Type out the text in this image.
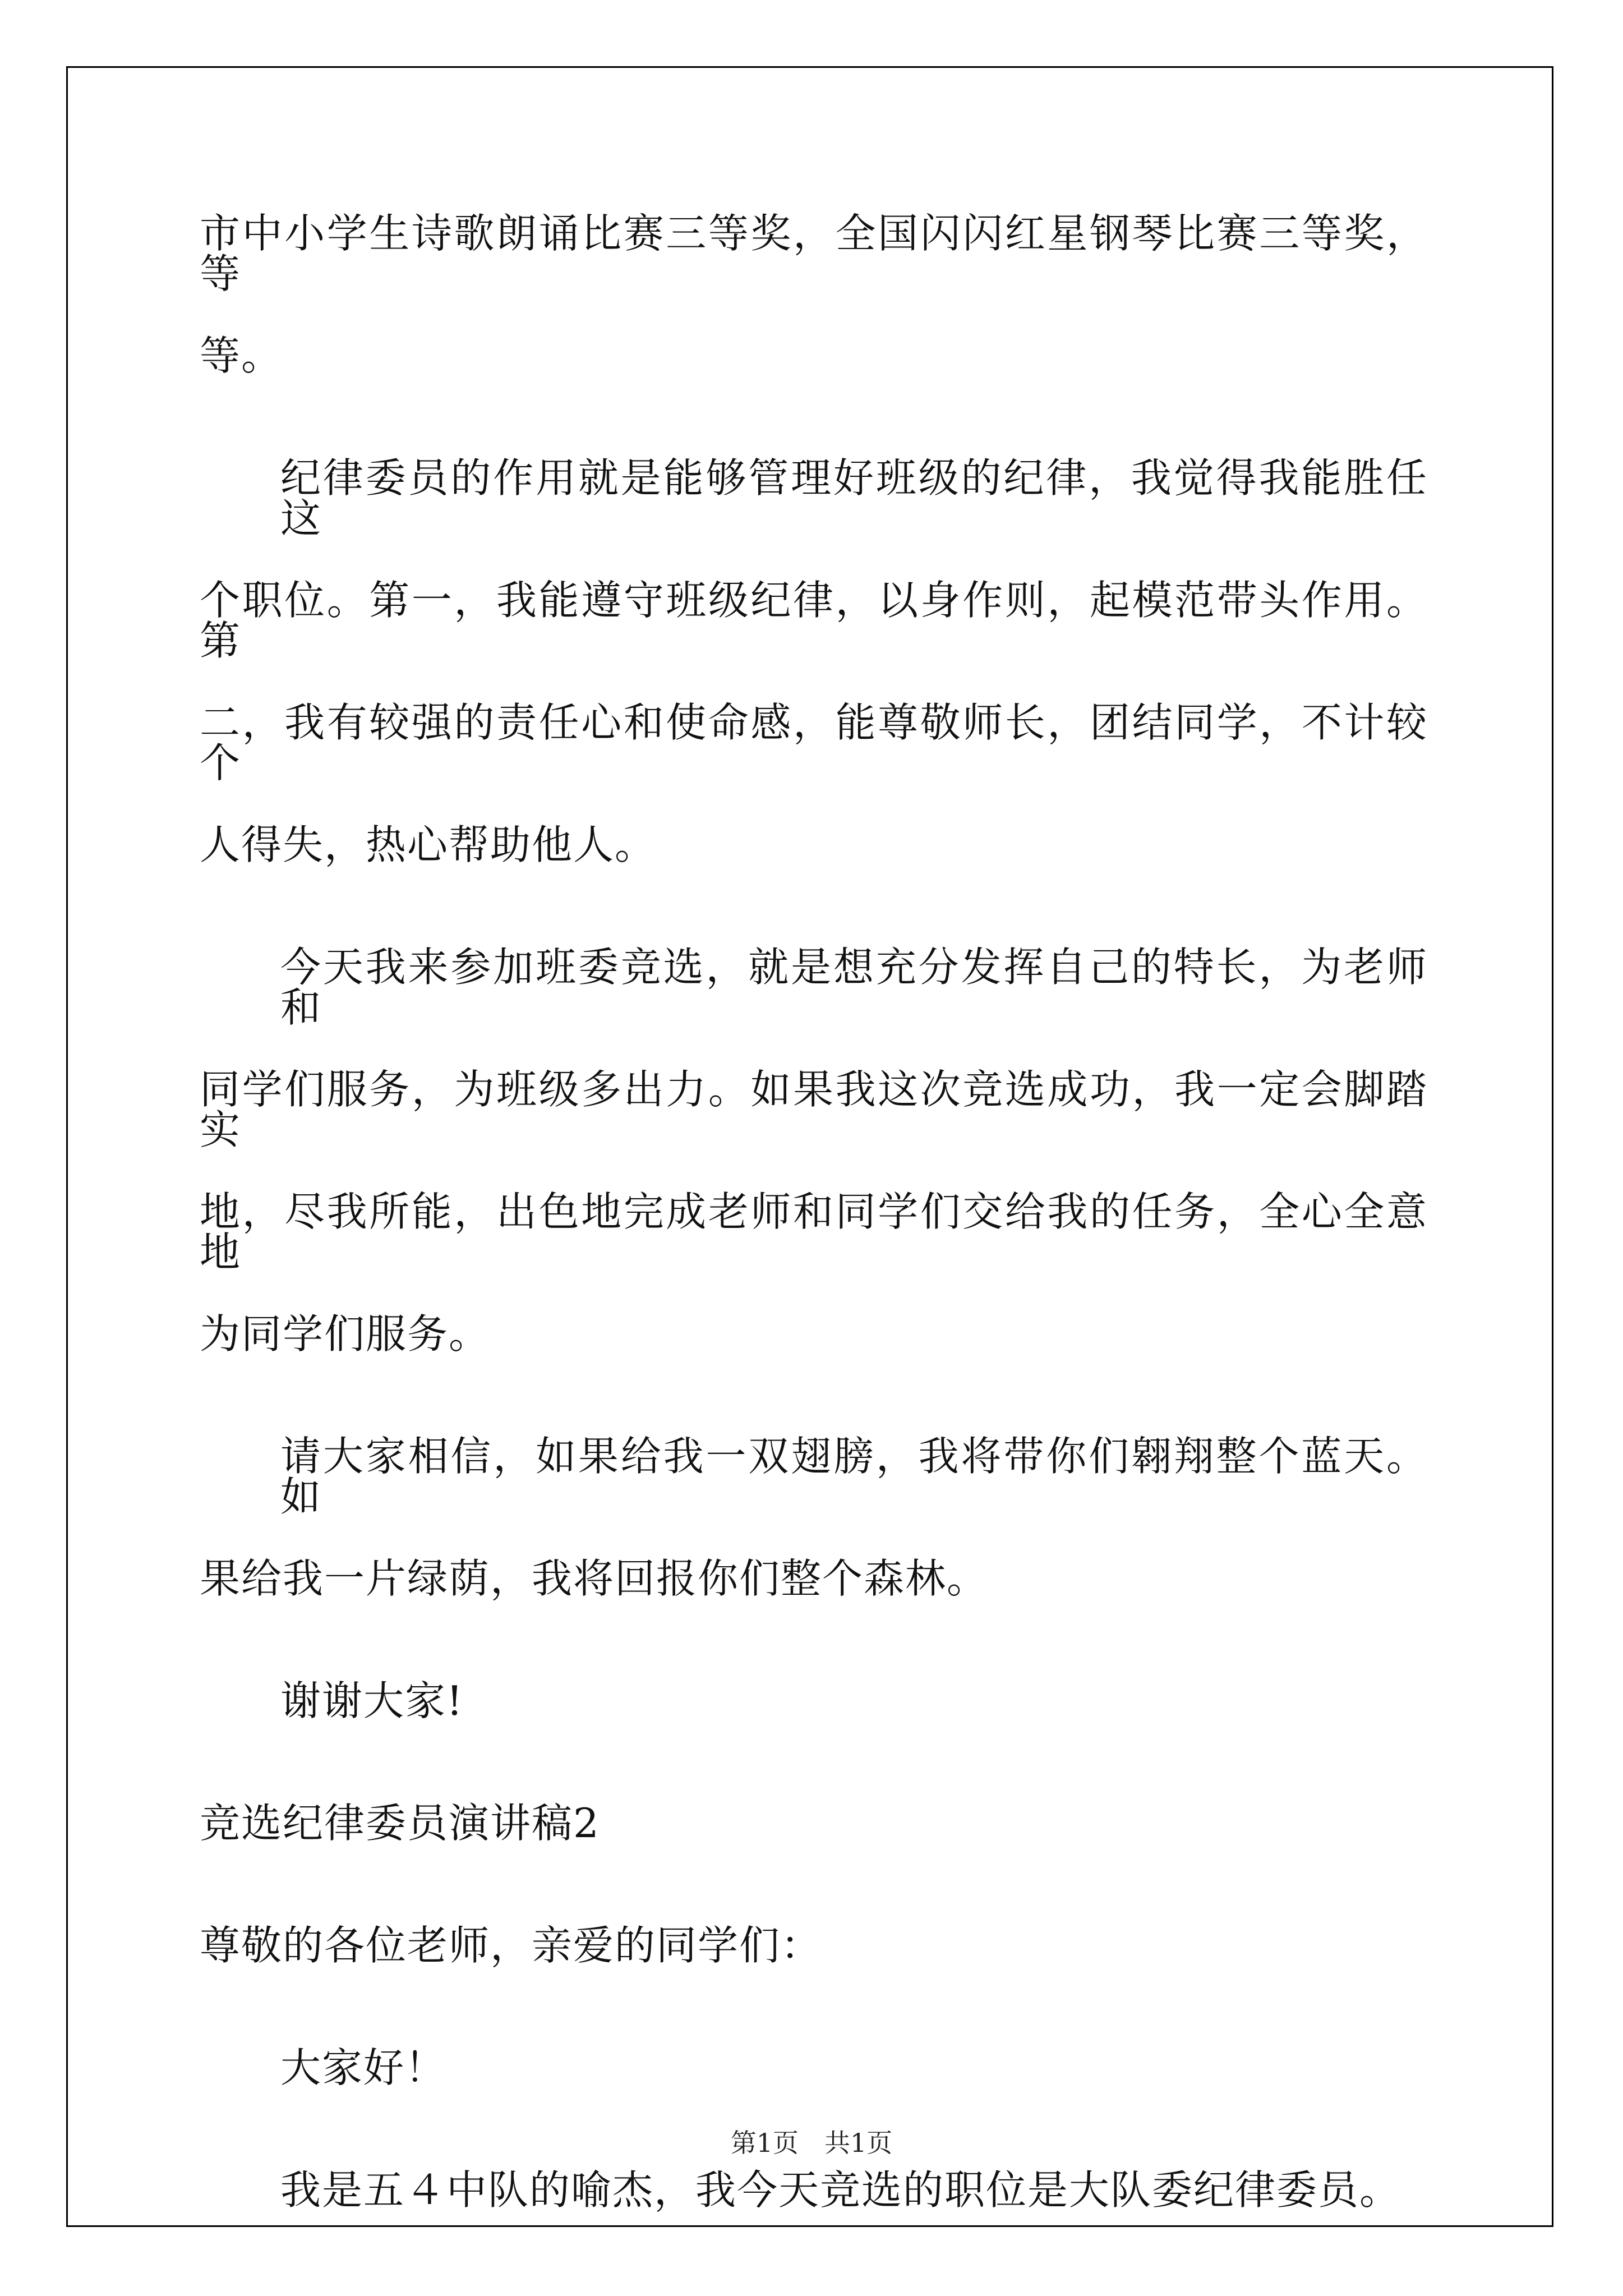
市中小学生诗歌朗诵比赛三等奖，全国闪闪红星钢琴比赛三等奖，等
等。
纪律委员的作用就是能够管理好班级的纪律，我觉得我能胜任这
个职位。第一，我能遵守班级纪律，以身作则，起模范带头作用。第
二，我有较强的责任心和使命感，能尊敬师长，团结同学，不计较个
人得失，热心帮助他人。
今天我来参加班委竞选，就是想充分发挥自己的特长，为老师和
同学们服务，为班级多出力。如果我这次竞选成功，我一定会脚踏实
地，尽我所能，出色地完成老师和同学们交给我的任务，全心全意地
为同学们服务。
请大家相信，如果给我一双翅膀，我将带你们翱翔整个蓝天。如
果给我一片绿荫，我将回报你们整个森林。
谢谢大家!
竞选纪律委员演讲稿2
尊敬的各位老师，亲爱的同学们：
大家好！
我是五４中队的喻杰，我今天竞选的职位是大队委纪律委员。
第1页　共1页
